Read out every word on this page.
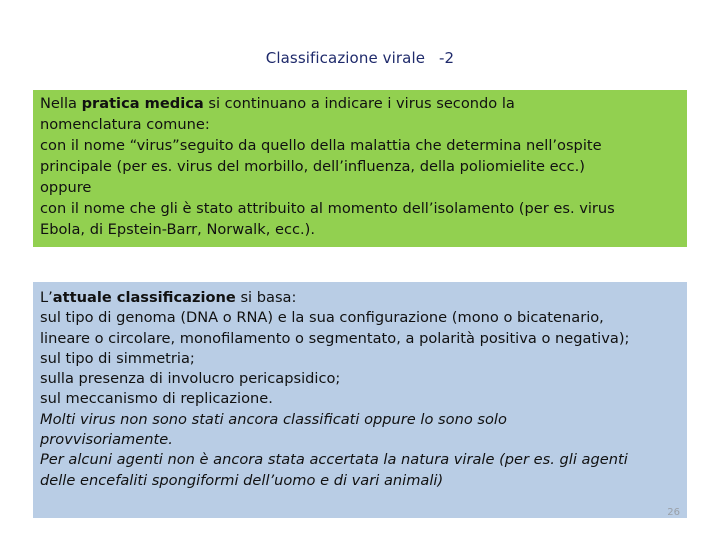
Classificazione virale -2
Nella pratica medica si continuano a indicare i virus secondo la
nomenclatura comune:
con il nome “virus”seguito da quello della malattia che determina nell’ospite
principale (per es. virus del morbillo, dell’influenza, della poliomielite ecc.)
oppure
con il nome che gli è stato attribuito al momento dell’isolamento (per es. virus
Ebola, di Epstein-Barr, Norwalk, ecc.).
L’attuale classificazione si basa:
sul tipo di genoma (DNA o RNA) e la sua configurazione (mono o bicatenario,
lineare o circolare, monofilamento o segmentato, a polarità positiva o negativa);
sul tipo di simmetria;
sulla presenza di involucro pericapsidico;
sul meccanismo di replicazione.
Molti virus non sono stati ancora classificati oppure lo sono solo
provvisoriamente.
Per alcuni agenti non è ancora stata accertata la natura virale (per es. gli agenti
delle encefaliti spongiformi dell’uomo e di vari animali)
26
